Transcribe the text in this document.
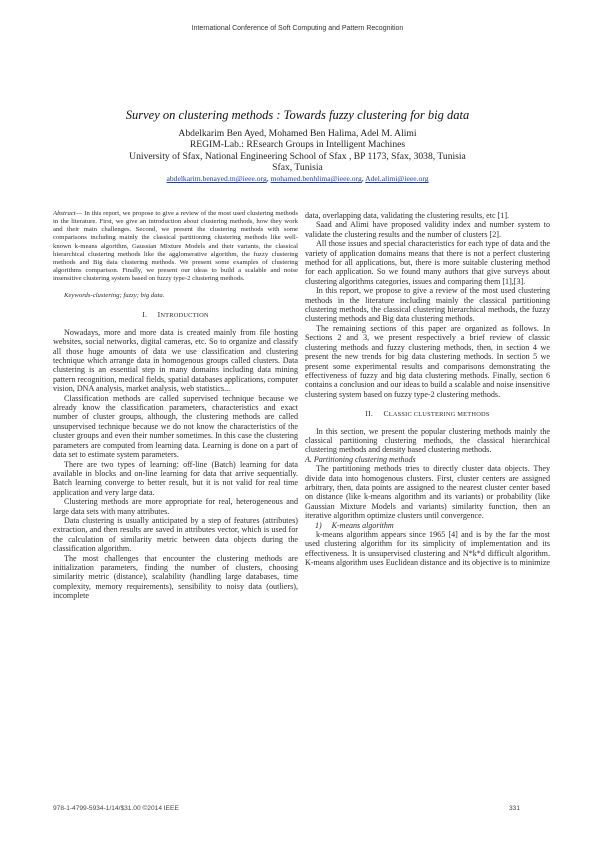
International Conference of Soft Computing and Pattern Recognition
Survey on clustering methods : Towards fuzzy clustering for big data
Abdelkarim Ben Ayed, Mohamed Ben Halima, Adel M. Alimi
REGIM-Lab.: REsearch Groups in Intelligent Machines
University of Sfax, National Engineering School of Sfax , BP 1173, Sfax, 3038, Tunisia
Sfax, Tunisia
abdelkarim.benayed.tn@ieee.org, mohamed.benhlima@ieee.org, Adel.alimi@ieee.org

Abstract— In this report, we propose to give a review of the most used clustering methods in the literature. First, we give an introduction about clustering methods, how they work and their main challenges. Second, we present the clustering methods with some comparisons including mainly the classical partitioning clustering methods like well-known k-means algorithm, Gaussian Mixture Models and their variants, the classical hierarchical clustering methods like the agglomerative algorithm, the fuzzy clustering methods and Big data clustering methods. We present some examples of clustering algorithms comparison. Finally, we present our ideas to build a scalable and noise insensitive clustering system based on fuzzy type-2 clustering methods.

Keywords-clustering; fuzzy; big data.

I. INTRODUCTION

Nowadays, more and more data is created mainly from file hosting websites, social networks, digital cameras, etc. So to organize and classify all those huge amounts of data we use classification and clustering technique which arrange data in homogenous groups called clusters. Data clustering is an essential step in many domains including data mining pattern recognition, medical fields, spatial databases applications, computer vision, DNA analysis, market analysis, web statistics...

Classification methods are called supervised technique because we already know the classification parameters, characteristics and exact number of cluster groups, although, the clustering methods are called unsupervised technique because we do not know the characteristics of the cluster groups and even their number sometimes. In this case the clustering parameters are computed from learning data. Learning is done on a part of data set to estimate system parameters.

There are two types of learning: off-line (Batch) learning for data available in blocks and on-line learning for data that arrive sequentially. Batch learning converge to better result, but it is not valid for real time application and very large data.

Clustering methods are more appropriate for real, heterogeneous and large data sets with many attributes.

Data clustering is usually anticipated by a step of features (attributes) extraction, and then results are saved in attributes vector, which is used for the calculation of similarity metric between data objects during the classification algorithm.

The most challenges that encounter the clustering methods are initialization parameters, finding the number of clusters, choosing similarity metric (distance), scalability (handling large databases, time complexity, memory requirements), sensibility to noisy data (outliers), incomplete

data, overlapping data, validating the clustering results, etc [1].

Saad and Alimi have proposed validity index and number system to validate the clustering results and the number of clusters [2].

All those issues and special characteristics for each type of data and the variety of application domains means that there is not a perfect clustering method for all applications, but, there is more suitable clustering method for each application. So we found many authors that give surveys about clustering algorithms categories, issues and comparing them [1],[3].

In this report, we propose to give a review of the most used clustering methods in the literature including mainly the classical partitioning clustering methods, the classical clustering hierarchical methods, the fuzzy clustering methods and Big data clustering methods.

The remaining sections of this paper are organized as follows. In Sections 2 and 3, we present respectively a brief review of classic clustering methods and fuzzy clustering methods, then, in section 4 we present the new trends for big data clustering methods. In section 5 we present some experimental results and comparisons demonstrating the effectiveness of fuzzy and big data clustering methods. Finally, section 6 contains a conclusion and our ideas to build a scalable and noise insensitive clustering system based on fuzzy type-2 clustering methods.

II. CLASSIC CLUSTERING METHODS

In this section, we present the popular clustering methods mainly the classical partitioning clustering methods, the classical hierarchical clustering methods and density based clustering methods.

A. Partitioning clustering methods

The partitioning methods tries to directly cluster data objects. They divide data into homogenous clusters. First, cluster centers are assigned arbitrary, then, data points are assigned to the nearest cluster center based on distance (like k-means algorithm and its variants) or probability (like Gaussian Mixture Models and variants) similarity function, then an iterative algorithm optimize clusters until convergence.

1)     K-means algorithm

k-means algorithm appears since 1965 [4] and is by the far the most used clustering algorithm for its simplicity of implementation and its effectiveness. It is unsupervised clustering and N*k*d difficult algorithm. K-means algorithm uses Euclidean distance and its objective is to minimize

978-1-4799-5934-1/14/$31.00 ©2014 IEEE	331
